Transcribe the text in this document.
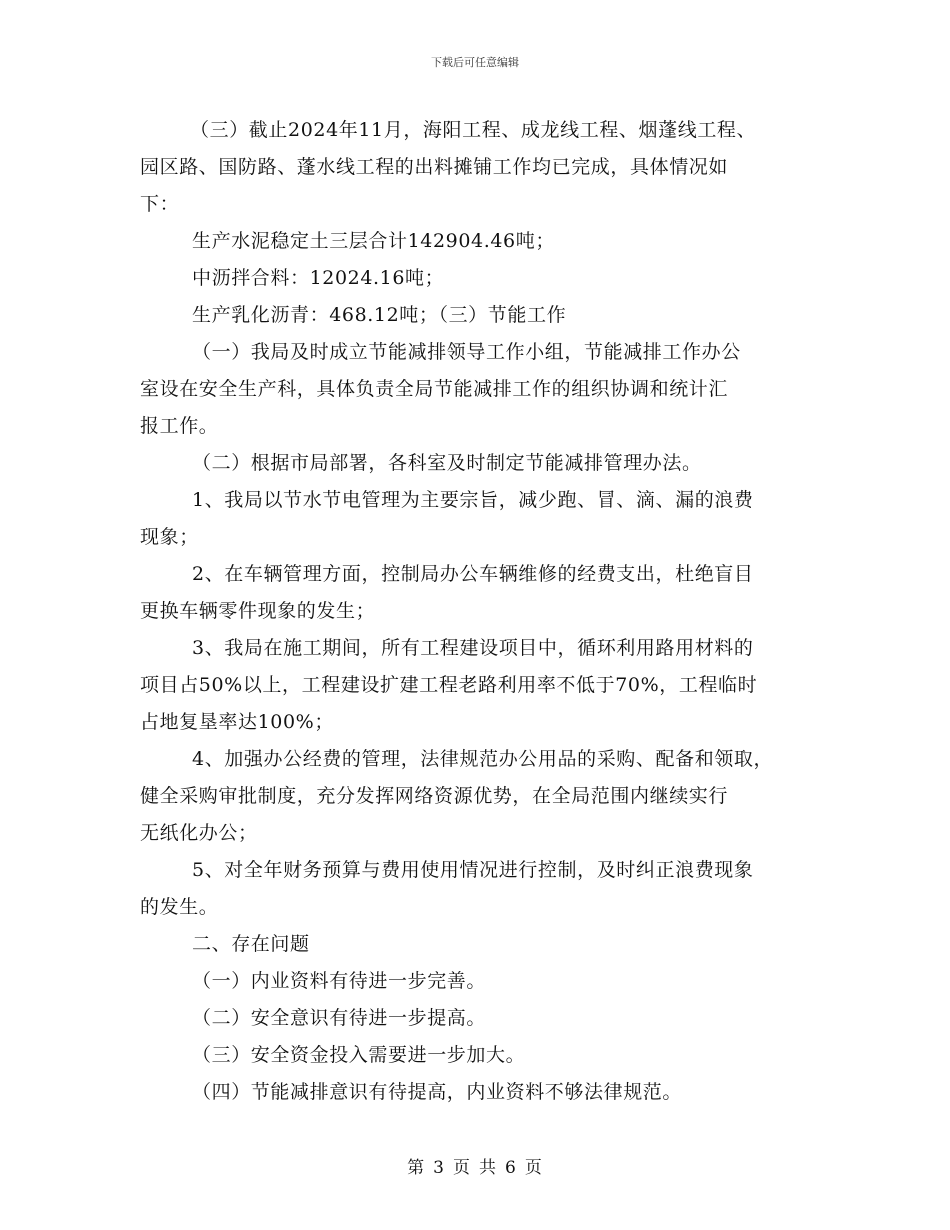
下载后可任意编辑
（三）截止2024年11月，海阳工程、成龙线工程、烟蓬线工程、
园区路、国防路、蓬水线工程的出料摊铺工作均已完成，具体情况如
下：
生产水泥稳定土三层合计142904.46吨；
中沥拌合料：12024.16吨；
生产乳化沥青：468.12吨；（三）节能工作
（一）我局及时成立节能减排领导工作小组，节能减排工作办公
室设在安全生产科，具体负责全局节能减排工作的组织协调和统计汇
报工作。
（二）根据市局部署，各科室及时制定节能减排管理办法。
1、我局以节水节电管理为主要宗旨，减少跑、冒、滴、漏的浪费
现象；
2、在车辆管理方面，控制局办公车辆维修的经费支出，杜绝盲目
更换车辆零件现象的发生；
3、我局在施工期间，所有工程建设项目中，循环利用路用材料的
项目占50%以上，工程建设扩建工程老路利用率不低于70%，工程临时
占地复垦率达100%；
4、加强办公经费的管理，法律规范办公用品的采购、配备和领取，
健全采购审批制度，充分发挥网络资源优势，在全局范围内继续实行
无纸化办公；
5、对全年财务预算与费用使用情况进行控制，及时纠正浪费现象
的发生。
二、存在问题
（一）内业资料有待进一步完善。
（二）安全意识有待进一步提高。
（三）安全资金投入需要进一步加大。
（四）节能减排意识有待提高，内业资料不够法律规范。
第 3 页 共 6 页
